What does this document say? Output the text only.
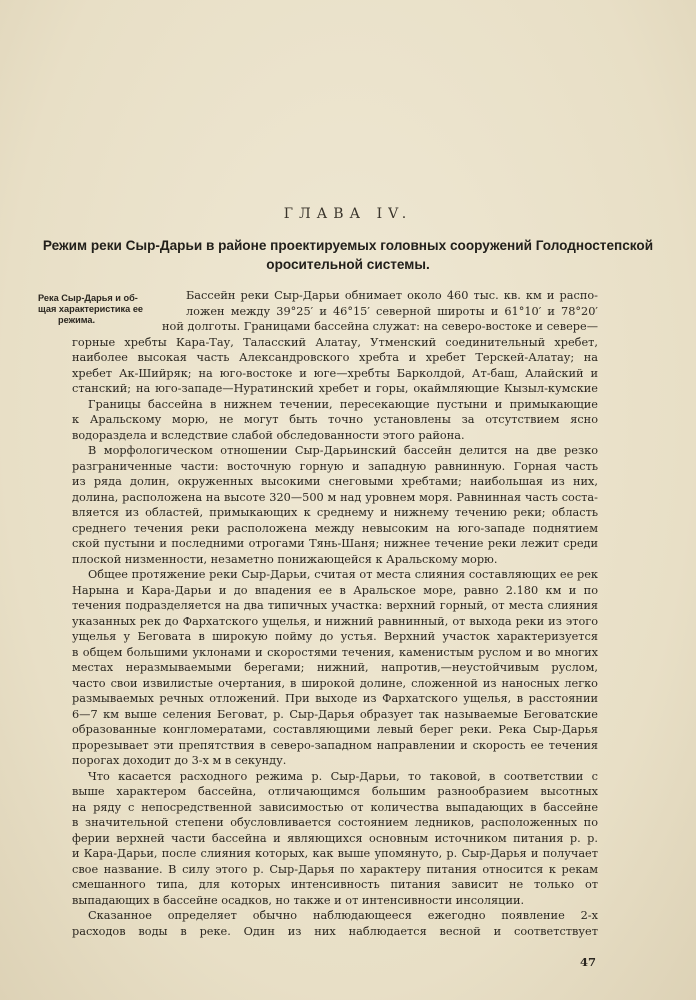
ГЛАВА IV.
Режим реки Сыр-Дарьи в районе проектируемых головных сооружений Голодностепской
оросительной системы.
Река Сыр-Дарья и об-
щая характеристика ее
режима.
Бассейн реки Сыр-Дарьи обнимает около 460 тыс. кв. км и распо-
ложен между 39°25′ и 46°15′ северной широты и 61°10′ и 78°20′
ной долготы. Границами бассейна служат: на северо-востоке и севере—
горные хребты Кара-Тау, Таласский Алатау, Утменский соединительный хребет,
наиболее высокая часть Александровского хребта и хребет Терскей-Алатау; на
хребет Ак-Шийряк; на юго-востоке и юге—хребты Барколдой, Ат-баш, Алайский и
станский; на юго-западе—Нуратинский хребет и горы, окаймляющие Кызыл-кумские
Границы бассейна в нижнем течении, пересекающие пустыни и примыкающие
к Аральскому морю, не могут быть точно установлены за отсутствием ясно
водораздела и вследствие слабой обследованности этого района.
В морфологическом отношении Сыр-Дарьинский бассейн делится на две резко
разграниченные части: восточную горную и западную равнинную. Горная часть
из ряда долин, окруженных высокими снеговыми хребтами; наибольшая из них,
долина, расположена на высоте 320—500 м над уровнем моря. Равнинная часть соста-
вляется из областей, примыкающих к среднему и нижнему течению реки; область
среднего течения реки расположена между невысоким на юго-западе поднятием
ской пустыни и последними отрогами Тянь-Шаня; нижнее течение реки лежит среди
плоской низменности, незаметно понижающейся к Аральскому морю.
Общее протяжение реки Сыр-Дарьи, считая от места слияния составляющих ее рек
Нарына и Кара-Дарьи и до впадения ее в Аральское море, равно 2.180 км и по
течения подразделяется на два типичных участка: верхний горный, от места слияния
указанных рек до Фархатского ущелья, и нижний равнинный, от выхода реки из этого
ущелья у Беговата в широкую пойму до устья. Верхний участок характеризуется
в общем большими уклонами и скоростями течения, каменистым руслом и во многих
местах неразмываемыми берегами; нижний, напротив,—неустойчивым руслом,
часто свои извилистые очертания, в широкой долине, сложенной из наносных легко
размываемых речных отложений. При выходе из Фархатского ущелья, в расстоянии
6—7 км выше селения Беговат, р. Сыр-Дарья образует так называемые Беговатские
образованные конгломератами, составляющими левый берег реки. Река Сыр-Дарья
прорезывает эти препятствия в северо-западном направлении и скорость ее течения
порогах доходит до 3-х м в секунду.
Что касается расходного режима р. Сыр-Дарьи, то таковой, в соответствии с
выше характером бассейна, отличающимся большим разнообразием высотных
на ряду с непосредственной зависимостью от количества выпадающих в бассейне
в значительной степени обусловливается состоянием ледников, расположенных по
ферии верхней части бассейна и являющихся основным источником питания р. р.
и Кара-Дарьи, после слияния которых, как выше упомянуто, р. Сыр-Дарья и получает
свое название. В силу этого р. Сыр-Дарья по характеру питания относится к рекам
смешанного типа, для которых интенсивность питания зависит не только от
выпадающих в бассейне осадков, но также и от интенсивности инсоляции.
Сказанное определяет обычно наблюдающееся ежегодно появление 2-х
расходов воды в реке. Один из них наблюдается весной и соответствует
47
